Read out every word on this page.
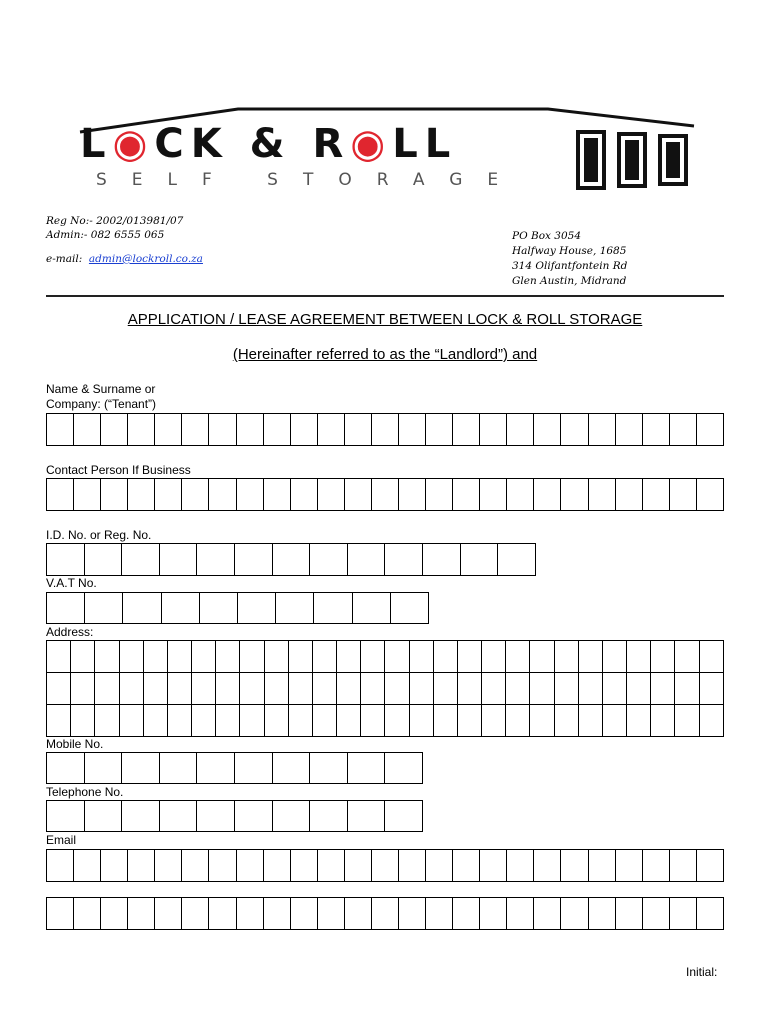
L◉CK & R◉LL
SELF STORAGE
Reg No:- 2002/013981/07
Admin:- 082 6555 065
e-mail: admin@lockroll.co.za
PO Box 3054
Halfway House, 1685
314 Olifantfontein Rd
Glen Austin, Midrand
APPLICATION / LEASE AGREEMENT BETWEEN LOCK & ROLL STORAGE
(Hereinafter referred to as the “Landlord”) and
Name & Surname or
Company: (“Tenant”)
Contact Person If Business
I.D. No. or Reg. No.
V.A.T No.
Address:
Mobile No.
Telephone No.
Email
Initial:
